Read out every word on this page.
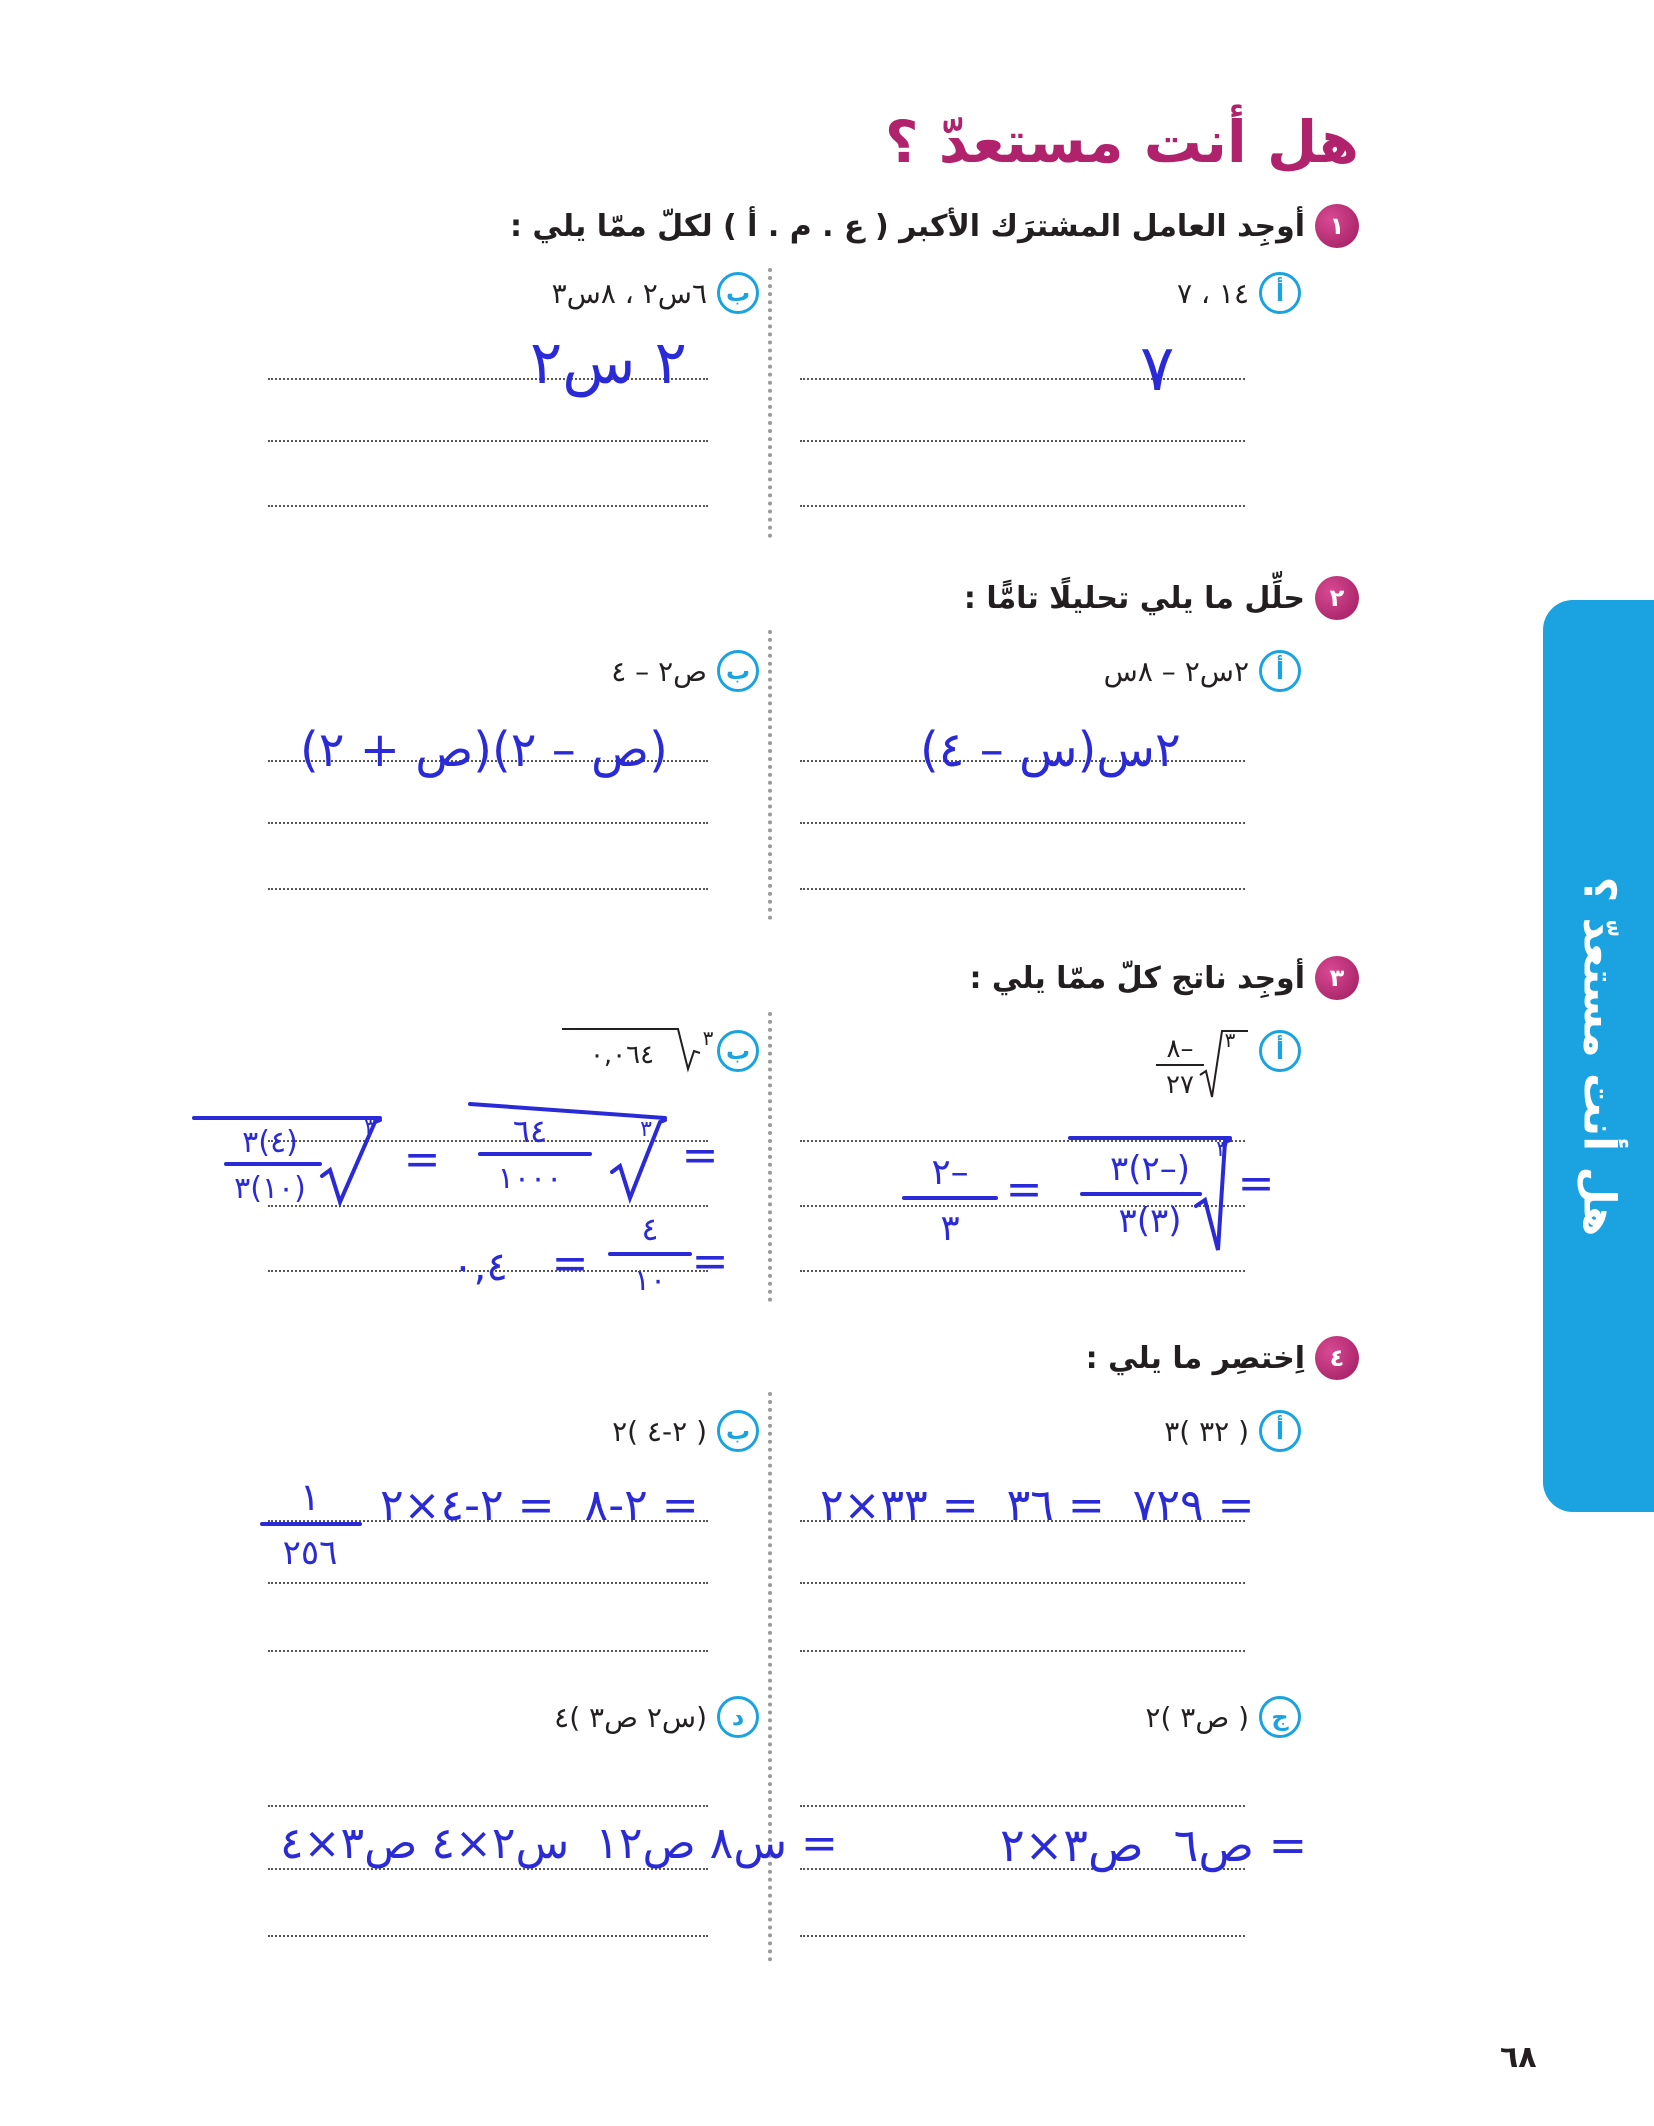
هل أنت مستعدّ ؟
١
أوجِد العامل المشترَك الأكبر ( ع . م . أ ) لكلّ ممّا يلي :
أ
١٤ ، ٧
ب
٦س٢ ، ٨س٣
٧
٢ س٢
٢
حلِّل ما يلي تحليلًا تامًّا :
أ
٢س٢ – ٨س
ب
ص٢ – ٤
٢س(س – ٤)
(ص – ٢)(ص + ٢)
٣
أوجِد ناتج كلّ ممّا يلي :
أ
٣
–٨
٢٧
ب
٣
٠,٠٦٤
=
(–٢)٣
(٣)٣
٣
=
–٢
٣
=
٣
٦٤
١٠٠٠
=
٣
(٤)٣
(١٠)٣
=
٤
١٠
=
٠,٤
٤
اِختصِر ما يلي :
أ
( ٣٢ )٣
ب
( ٢-٤ )٢
ج
( ص٣ )٢
د
(س٢ ص٣ )٤
= ٣٣×٢ = ٣٦ = ٧٢٩
= ٢-٤×٢ = ٢-٨
١
٢٥٦
ص٣×٢ = ص٦
س٢×٤ ص٣×٤ = س٨ ص١٢
هل أنت مستعدّ ؟
٦٨
